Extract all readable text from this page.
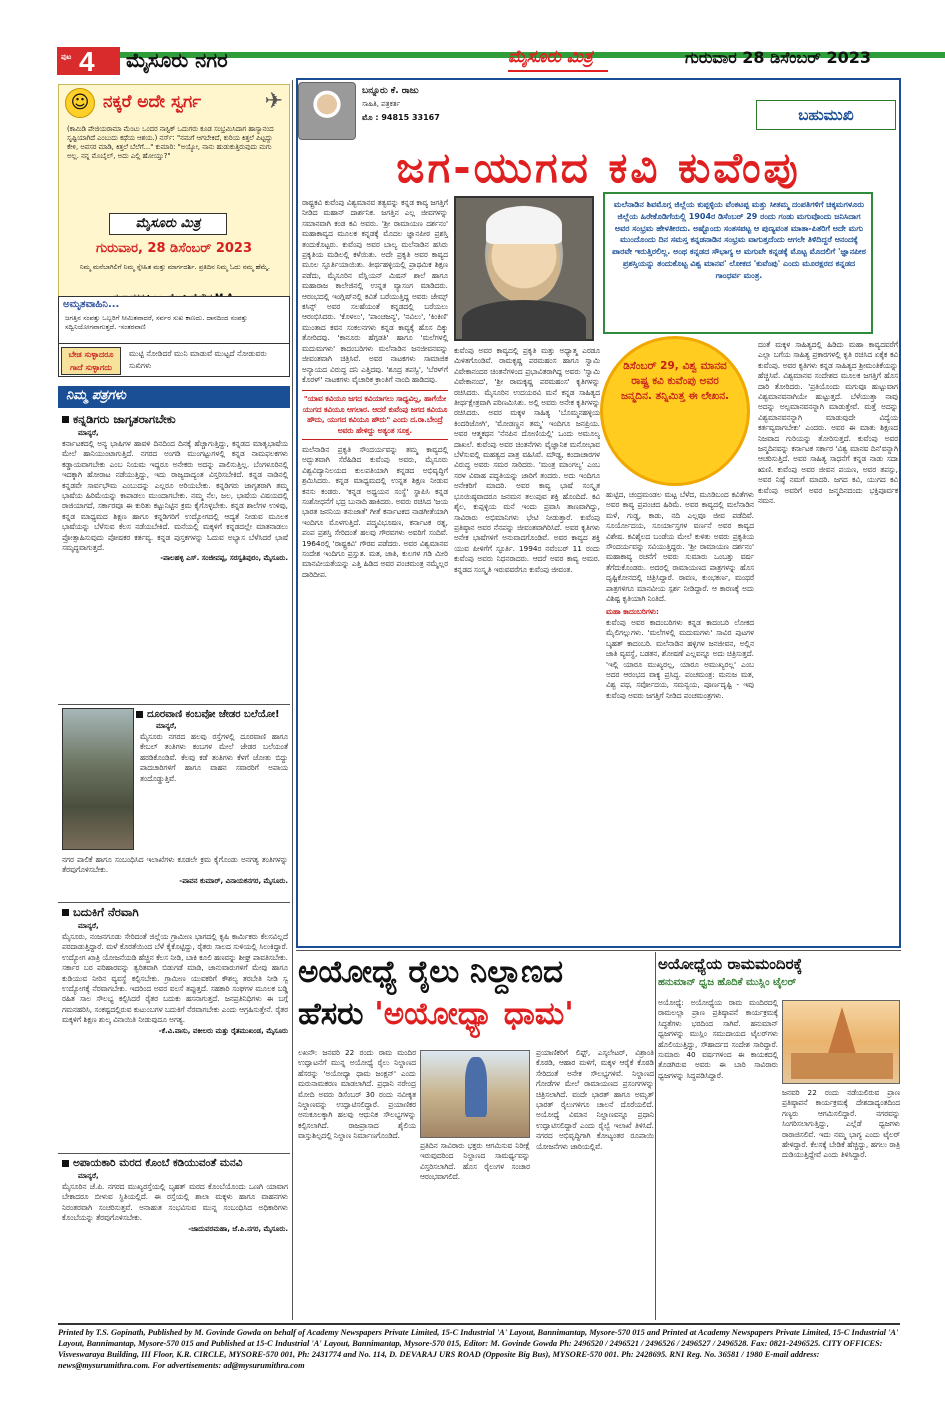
ಪುಟ 4 ಮೈಸೂರು ನಗರ	ಮೈಸೂರು ಮಿತ್ರ	ಗುರುವಾರ 28 ಡಿಸೆಂಬರ್ 2023
☺ ನಕ್ಕರೆ ಅದೇ ಸ್ವರ್ಗ	✈
(ಕಾಮಿಡಿ ಪೇಜಿಯರಾಮಾ ಮೆಂಟು ಒಂದರ ನಾಸ್ಟಿಕ್ ಒದುಗರು ಕೂಡ ಸಂಭ್ರಮಿಸಿದಾಗ ಹಾಸ್ಯಾನಂದ ಸೃಷ್ಟಿಯಾಗಿದೆ ಎಂಬುದು ಕಥೆಯ ಆಶಯ.) ನರ್ಸ್: "ನಮಗೆ ಆಗಬೇಕಿದೆ, ಕುರಿಯ ಕಿತ್ತಲೆ ಪಿಟ್ಟದ್ದು ಕೇಳಿ, ಅವಸರ ಮಾಡಿ, ಕಿತ್ತಲೆ ಬೆಲೆಗೆ..." ಕುಮಾರಿ: "ಅಯ್ಯೋ, ನಾನು ಹುಡುಕುತ್ತಿರುವುದು ಮಗು ಅಲ್ಲ. ನನ್ನ ಮೊಬೈಲ್, ಅದು ಎಲ್ಲಿ ಹೋಯ್ತು?"
ಮೈಸೂರು ಮಿತ್ರ
ಗುರುವಾರ, 28 ಡಿಸೆಂಬರ್ 2023
ನಿಮ್ಮ ಮನೆಬಾಗಿಲಿಗೆ ನಿಮ್ಮ ಸ್ನೇಹಿತ ಮತ್ತು ಮಾರ್ಗದರ್ಶಿ. ಪ್ರತಿದಿನ ನಿಮ್ಮ ಓದು ನಮ್ಮ ಹೆಮ್ಮೆ.
ಅಮೃತವಾಹಿನಿ...
ಜಗತ್ತಿನ ಸಂಪತ್ತು ಒಬ್ಬರಿಗೆ ಸೀಮಿತವಾದರೆ, ಸರ್ವರ ಸುಖ ಕಾಣದು. ದಾನದಿಂದ ಸಂಪತ್ತು ಸದ್ವಿನಿಯೋಗವಾಗುತ್ತದೆ. -ಸಂತರವಾಣಿ
ಬೇಡ ಸುಳ್ಳಾದರೂ ಗಾದೆ ಸುಳ್ಳಾಗದು
ಮುಟ್ಟಿ ನೋಡಿದರೆ ಮುನಿ ಮಾಡುವೆ ಮುಟ್ಟದೆ ನೋಡುವರು ಸುಖಿಗಳು
ನಿಮ್ಮ ಪತ್ರಗಳು
ಕನ್ನಡಿಗರು ಜಾಗೃತರಾಗಬೇಕು
ಮಾನ್ಯರೆ,
ಕರ್ನಾಟಕದಲ್ಲಿ ಅನ್ಯ ಭಾಷಿಗಳ ಹಾವಳಿ ದಿನದಿಂದ ದಿನಕ್ಕೆ ಹೆಚ್ಚಾಗುತ್ತಿದ್ದು, ಕನ್ನಡದ ಮಾತೃಭಾಷೆಯ ಮೇಲೆ ಹಾನಿಯುಂಟಾಗುತ್ತಿದೆ. ನಗರದ ಅಂಗಡಿ ಮುಂಗಟ್ಟುಗಳಲ್ಲಿ ಕನ್ನಡ ನಾಮಫಲಕಗಳು ಕಡ್ಡಾಯವಾಗಬೇಕು ಎಂಬ ನಿಯಮ ಇದ್ದರೂ ಅನೇಕರು ಅದನ್ನು ಪಾಲಿಸುತ್ತಿಲ್ಲ. ಬೆಂಗಳೂರಿನಲ್ಲಿ ಇದಕ್ಕಾಗಿ ಹೋರಾಟ ನಡೆಯುತ್ತಿದ್ದು, ಇದು ರಾಜ್ಯದಾದ್ಯಂತ ವಿಸ್ತರಿಸಬೇಕಿದೆ. ಕನ್ನಡ ನಾಡಿನಲ್ಲಿ ಕನ್ನಡವೇ ಸಾರ್ವಭೌಮ ಎಂಬುದನ್ನು ಎಲ್ಲರೂ ಅರಿಯಬೇಕು. ಕನ್ನಡಿಗರು ಜಾಗೃತರಾಗಿ ತಮ್ಮ ಭಾಷೆಯ ಹಿರಿಮೆಯನ್ನು ಕಾಪಾಡಲು ಮುಂದಾಗಬೇಕು. ನಮ್ಮ ನೆಲ, ಜಲ, ಭಾಷೆಯ ವಿಷಯದಲ್ಲಿ ರಾಜಿಯಾಗದೆ, ಸರ್ಕಾರವೂ ಈ ಕುರಿತು ಕಟ್ಟುನಿಟ್ಟಿನ ಕ್ರಮ ಕೈಗೊಳ್ಳಬೇಕು. ಕನ್ನಡ ಶಾಲೆಗಳ ಉಳಿವು, ಕನ್ನಡ ಮಾಧ್ಯಮದ ಶಿಕ್ಷಣ ಹಾಗೂ ಕನ್ನಡಿಗರಿಗೆ ಉದ್ಯೋಗದಲ್ಲಿ ಆದ್ಯತೆ ನೀಡುವ ಮೂಲಕ ಭಾಷೆಯನ್ನು ಬೆಳೆಸುವ ಕೆಲಸ ನಡೆಯಬೇಕಿದೆ. ಮನೆಯಲ್ಲಿ ಮಕ್ಕಳಿಗೆ ಕನ್ನಡದಲ್ಲೇ ಮಾತನಾಡಲು ಪ್ರೋತ್ಸಾಹಿಸುವುದು ಪೋಷಕರ ಕರ್ತವ್ಯ. ಕನ್ನಡ ಪುಸ್ತಕಗಳನ್ನು ಓದುವ ಅಭ್ಯಾಸ ಬೆಳೆಸಿದರೆ ಭಾಷೆ ಸಮೃದ್ಧವಾಗುತ್ತದೆ.
-ಪಾಲಹಳ್ಳಿ ಎಸ್. ಸಂಜೀವಪ್ಪ, ಸರಸ್ವತಿಪುರಂ, ಮೈಸೂರು.
ದೂರವಾಣಿ ಕಂಬವೋ ಜೇಡರ ಬಲೆಯೋ!
ಮಾನ್ಯರೆ,
ಮೈಸೂರು ನಗರದ ಹಲವು ರಸ್ತೆಗಳಲ್ಲಿ ದೂರವಾಣಿ ಹಾಗೂ ಕೇಬಲ್ ತಂತಿಗಳು ಕಂಬಗಳ ಮೇಲೆ ಜೇಡರ ಬಲೆಯಂತೆ ಹರಡಿಕೊಂಡಿವೆ. ಕೆಲವು ಕಡೆ ತಂತಿಗಳು ಕೆಳಗೆ ಜೋತು ಬಿದ್ದು ಪಾದಚಾರಿಗಳಿಗೆ ಹಾಗೂ ವಾಹನ ಸವಾರರಿಗೆ ಅಪಾಯ ತಂದೊಡ್ಡುತ್ತಿವೆ.
ನಗರ ಪಾಲಿಕೆ ಹಾಗೂ ಸಂಬಂಧಿಸಿದ ಇಲಾಖೆಗಳು ಕೂಡಲೇ ಕ್ರಮ ಕೈಗೊಂಡು ಅನಗತ್ಯ ತಂತಿಗಳನ್ನು ತೆರವುಗೊಳಿಸಬೇಕು.
-ಪಾವನ ಕುಮಾರ್, ವಿನಾಯಕನಗರ, ಮೈಸೂರು.
ಬದುಕಿಗೆ ನೆರವಾಗಿ
ಮಾನ್ಯರೆ,
ಮೈಸೂರು, ನಂಜನಗೂಡು ಸೇರಿದಂತೆ ಜಿಲ್ಲೆಯ ಗ್ರಾಮೀಣ ಭಾಗದಲ್ಲಿ ಕೃಷಿ ಕಾರ್ಮಿಕರು ಕೆಲಸವಿಲ್ಲದೆ ಪರದಾಡುತ್ತಿದ್ದಾರೆ. ಮಳೆ ಕೊರತೆಯಿಂದ ಬೆಳೆ ಕೈಕೊಟ್ಟಿದ್ದು, ರೈತರು ಸಾಲದ ಸುಳಿಯಲ್ಲಿ ಸಿಲುಕಿದ್ದಾರೆ. ಉದ್ಯೋಗ ಖಾತ್ರಿ ಯೋಜನೆಯಡಿ ಹೆಚ್ಚಿನ ಕೆಲಸ ನೀಡಿ, ಬಾಕಿ ಕೂಲಿ ಹಣವನ್ನು ಶೀಘ್ರ ಪಾವತಿಸಬೇಕು. ಸರ್ಕಾರ ಬರ ಪರಿಹಾರವನ್ನು ತ್ವರಿತವಾಗಿ ಬಿಡುಗಡೆ ಮಾಡಿ, ಜಾನುವಾರುಗಳಿಗೆ ಮೇವು ಹಾಗೂ ಕುಡಿಯುವ ನೀರಿನ ವ್ಯವಸ್ಥೆ ಕಲ್ಪಿಸಬೇಕು. ಗ್ರಾಮೀಣ ಯುವಕರಿಗೆ ಕೌಶಲ್ಯ ತರಬೇತಿ ನೀಡಿ ಸ್ವ ಉದ್ಯೋಗಕ್ಕೆ ನೆರವಾಗಬೇಕು. ಇದರಿಂದ ಅವರ ವಲಸೆ ತಪ್ಪುತ್ತದೆ. ಸಹಕಾರಿ ಸಂಘಗಳ ಮೂಲಕ ಬಡ್ಡಿ ರಹಿತ ಸಾಲ ಸೌಲಭ್ಯ ಕಲ್ಪಿಸಿದರೆ ರೈತರ ಬದುಕು ಹಸನಾಗುತ್ತದೆ. ಜನಪ್ರತಿನಿಧಿಗಳು ಈ ಬಗ್ಗೆ ಗಮನಹರಿಸಿ, ಸಂಕಷ್ಟದಲ್ಲಿರುವ ಕುಟುಂಬಗಳ ಬದುಕಿಗೆ ನೆರವಾಗಬೇಕು ಎಂದು ಆಗ್ರಹಿಸುತ್ತೇನೆ. ರೈತರ ಮಕ್ಕಳಿಗೆ ಶಿಕ್ಷಣ ಶುಲ್ಕ ವಿನಾಯಿತಿ ನೀಡುವುದೂ ಅಗತ್ಯ.
-ಕೆ.ವಿ.ವಾಸು, ವಕೀಲರು ಮತ್ತು ರೈತಮುಖಂಡ, ಮೈಸೂರು
ಅಪಾಯಕಾರಿ ಮರದ ಕೊಂಬೆ ಕಡಿಯುವಂತೆ ಮನವಿ
ಮಾನ್ಯರೆ,
ಮೈಸೂರಿನ ಜೆ.ಪಿ. ನಗರದ ಮುಖ್ಯರಸ್ತೆಯಲ್ಲಿ ಬೃಹತ್ ಮರದ ಕೊಂಬೆಯೊಂದು ಒಣಗಿ ಯಾವಾಗ ಬೇಕಾದರೂ ಬೀಳುವ ಸ್ಥಿತಿಯಲ್ಲಿದೆ. ಈ ರಸ್ತೆಯಲ್ಲಿ ಶಾಲಾ ಮಕ್ಕಳು ಹಾಗೂ ವಾಹನಗಳು ನಿರಂತರವಾಗಿ ಸಂಚರಿಸುತ್ತವೆ. ಅನಾಹುತ ಸಂಭವಿಸುವ ಮುನ್ನ ಸಂಬಂಧಿಸಿದ ಅಧಿಕಾರಿಗಳು ಕೊಂಬೆಯನ್ನು ತೆರವುಗೊಳಿಸಬೇಕು.
-ಜಾದುವರಮಹಾ, ಜೆ.ಪಿ.ನಗರ, ಮೈಸೂರು.
ಬನ್ನೂರು ಕೆ. ರಾಜು
ಸಾಹಿತಿ, ಪತ್ರಕರ್ತ
ಮೊ : 94815 33167	ಬಹುಮುಖಿ
ಜಗ-ಯುಗದ ಕವಿ ಕುವೆಂಪು
ರಾಷ್ಟ್ರಕವಿ ಕುವೆಂಪು ವಿಶ್ವಮಾನವ ತತ್ವವನ್ನು ಕನ್ನಡ ಕಾವ್ಯ ಜಗತ್ತಿಗೆ ನೀಡಿದ ಮಹಾನ್ ದಾರ್ಶನಿಕ. ಜಗತ್ತಿನ ಎಲ್ಲ ಜೀವಗಳನ್ನು ಸಮಾನವಾಗಿ ಕಂಡ ಕವಿ ಅವರು. 'ಶ್ರೀ ರಾಮಾಯಣ ದರ್ಶನಂ' ಮಹಾಕಾವ್ಯದ ಮೂಲಕ ಕನ್ನಡಕ್ಕೆ ಮೊದಲ ಜ್ಞಾನಪೀಠ ಪ್ರಶಸ್ತಿ ತಂದುಕೊಟ್ಟರು. ಕುವೆಂಪು ಅವರ ಬಾಲ್ಯ ಮಲೆನಾಡಿನ ಹಸಿರು ಪ್ರಕೃತಿಯ ಮಡಿಲಲ್ಲಿ ಕಳೆಯಿತು. ಅದೇ ಪ್ರಕೃತಿ ಅವರ ಕಾವ್ಯದ ಮೂಲ ಸ್ಫೂರ್ತಿಯಾಯಿತು. ತೀರ್ಥಹಳ್ಳಿಯಲ್ಲಿ ಪ್ರಾಥಮಿಕ ಶಿಕ್ಷಣ ಪಡೆದು, ಮೈಸೂರಿನ ವೆಸ್ಲಿಯನ್ ಮಿಷನ್ ಶಾಲೆ ಹಾಗೂ ಮಹಾರಾಜ ಕಾಲೇಜಿನಲ್ಲಿ ಉನ್ನತ ವ್ಯಾಸಂಗ ಮಾಡಿದರು. ಆರಂಭದಲ್ಲಿ ಇಂಗ್ಲಿಷ್‌ನಲ್ಲಿ ಕವಿತೆ ಬರೆಯುತ್ತಿದ್ದ ಅವರು ಜೇಮ್ಸ್ ಕಸಿನ್ಸ್ ಅವರ ಸಲಹೆಯಂತೆ ಕನ್ನಡದಲ್ಲಿ ಬರೆಯಲು ಆರಂಭಿಸಿದರು. 'ಕೊಳಲು', 'ಪಾಂಚಜನ್ಯ', 'ನವಿಲು', 'ಕಿಂಕಿಣಿ' ಮುಂತಾದ ಕವನ ಸಂಕಲನಗಳು ಕನ್ನಡ ಕಾವ್ಯಕ್ಕೆ ಹೊಸ ದಿಕ್ಕು ತೋರಿದವು. 'ಕಾನೂರು ಹೆಗ್ಗಡತಿ' ಹಾಗೂ 'ಮಲೆಗಳಲ್ಲಿ ಮದುಮಗಳು' ಕಾದಂಬರಿಗಳು ಮಲೆನಾಡಿನ ಜನಜೀವನವನ್ನು ಜೀವಂತವಾಗಿ ಚಿತ್ರಿಸಿವೆ. ಅವರ ನಾಟಕಗಳು ಸಾಮಾಜಿಕ ಅನ್ಯಾಯದ ವಿರುದ್ಧ ದನಿ ಎತ್ತಿದವು. 'ಶೂದ್ರ ತಪಸ್ವಿ', 'ಬೆರಳ್‌ಗೆ ಕೊರಳ್' ನಾಟಕಗಳು ವೈಚಾರಿಕ ಕ್ರಾಂತಿಗೆ ನಾಂದಿ ಹಾಡಿದವು.
"ಯಾವ ಕವಿಯೂ ಜಗದ ಕವಿಯಾಗಲು ಸಾಧ್ಯವಿಲ್ಲ, ಹಾಗೆಯೇ ಯುಗದ ಕವಿಯೂ ಆಗಲಾರ. ಆದರೆ ಕುವೆಂಪು ಜಗದ ಕವಿಯೂ ಹೌದು, ಯುಗದ ಕವಿಯೂ ಹೌದು" ಎಂದು ದ.ರಾ.ಬೇಂದ್ರೆ ಅವರು ಹೇಳಿದ್ದು ಅತ್ಯಂತ ಸೂಕ್ತ.
ಮಲೆನಾಡಿನ ಪ್ರಕೃತಿ ಸೌಂದರ್ಯವನ್ನು ತಮ್ಮ ಕಾವ್ಯದಲ್ಲಿ ಅದ್ಭುತವಾಗಿ ಸೆರೆಹಿಡಿದ ಕುವೆಂಪು ಅವರು, ಮೈಸೂರು ವಿಶ್ವವಿದ್ಯಾನಿಲಯದ ಕುಲಪತಿಯಾಗಿ ಕನ್ನಡದ ಅಭಿವೃದ್ಧಿಗೆ ಶ್ರಮಿಸಿದರು. ಕನ್ನಡ ಮಾಧ್ಯಮದಲ್ಲಿ ಉನ್ನತ ಶಿಕ್ಷಣ ನೀಡುವ ಕನಸು ಕಂಡರು. 'ಕನ್ನಡ ಅಧ್ಯಯನ ಸಂಸ್ಥೆ' ಸ್ಥಾಪಿಸಿ ಕನ್ನಡ ಸಂಶೋಧನೆಗೆ ಭದ್ರ ಬುನಾದಿ ಹಾಕಿದರು. ಅವರು ರಚಿಸಿದ 'ಜಯ ಭಾರತ ಜನನಿಯ ತನುಜಾತೆ' ಗೀತೆ ಕರ್ನಾಟಕದ ನಾಡಗೀತೆಯಾಗಿ ಇಂದಿಗೂ ಮೊಳಗುತ್ತಿದೆ. ಪದ್ಮವಿಭೂಷಣ, ಕರ್ನಾಟಕ ರತ್ನ, ಪಂಪ ಪ್ರಶಸ್ತಿ ಸೇರಿದಂತೆ ಹಲವು ಗೌರವಗಳು ಅವರಿಗೆ ಸಂದಿವೆ. 1964ರಲ್ಲಿ 'ರಾಷ್ಟ್ರಕವಿ' ಗೌರವ ಪಡೆದರು. ಅವರ ವಿಶ್ವಮಾನವ ಸಂದೇಶ ಇಂದಿಗೂ ಪ್ರಸ್ತುತ. ಮತ, ಜಾತಿ, ಕುಲಗಳ ಗಡಿ ಮೀರಿ ಮಾನವೀಯತೆಯನ್ನು ಎತ್ತಿ ಹಿಡಿದ ಅವರ ಪಂಚಮಂತ್ರ ನಮ್ಮೆಲ್ಲರ ದಾರಿದೀಪ.
ಕುವೆಂಪು ಅವರ ಕಾವ್ಯದಲ್ಲಿ ಪ್ರಕೃತಿ ಮತ್ತು ಅಧ್ಯಾತ್ಮ ಎರಡೂ ಮಿಳಿತಗೊಂಡಿವೆ. ರಾಮಕೃಷ್ಣ ಪರಮಹಂಸ ಹಾಗೂ ಸ್ವಾಮಿ ವಿವೇಕಾನಂದರ ಚಿಂತನೆಗಳಿಂದ ಪ್ರಭಾವಿತರಾಗಿದ್ದ ಅವರು 'ಸ್ವಾಮಿ ವಿವೇಕಾನಂದ', 'ಶ್ರೀ ರಾಮಕೃಷ್ಣ ಪರಮಹಂಸ' ಕೃತಿಗಳನ್ನು ರಚಿಸಿದರು. ಮೈಸೂರಿನ ಉದಯರವಿ ಮನೆ ಕನ್ನಡ ಸಾಹಿತ್ಯದ ತೀರ್ಥಕ್ಷೇತ್ರವಾಗಿ ಪರಿಣಮಿಸಿತು. ಅಲ್ಲಿ ಅವರು ಅನೇಕ ಕೃತಿಗಳನ್ನು ರಚಿಸಿದರು. ಅವರ ಮಕ್ಕಳ ಸಾಹಿತ್ಯ 'ಬೊಮ್ಮನಹಳ್ಳಿಯ ಕಿಂದರಿಜೋಗಿ', 'ಮೋಡಣ್ಣನ ತಮ್ಮ' ಇಂದಿಗೂ ಜನಪ್ರಿಯ. ಅವರ ಆತ್ಮಕಥನ 'ನೆನಪಿನ ದೋಣಿಯಲ್ಲಿ' ಒಂದು ಅಮೂಲ್ಯ ದಾಖಲೆ. ಕುವೆಂಪು ಅವರ ಚಿಂತನೆಗಳು ವೈಜ್ಞಾನಿಕ ಮನೋಭಾವ ಬೆಳೆಸುವಲ್ಲಿ ಮಹತ್ವದ ಪಾತ್ರ ವಹಿಸಿವೆ. ಮೌಢ್ಯ, ಕಂದಾಚಾರಗಳ ವಿರುದ್ಧ ಅವರು ಸಮರ ಸಾರಿದರು. 'ಮಂತ್ರ ಮಾಂಗಲ್ಯ' ಎಂಬ ಸರಳ ವಿವಾಹ ಪದ್ಧತಿಯನ್ನು ಜಾರಿಗೆ ತಂದರು. ಅದು ಇಂದಿಗೂ ಅನೇಕರಿಗೆ ಮಾದರಿ. ಅವರ ಕಾವ್ಯ ಭಾಷೆ ಸಂಸ್ಕೃತ ಭೂಯಿಷ್ಠವಾದರೂ ಜನಮನ ತಲುಪುವ ಶಕ್ತಿ ಹೊಂದಿದೆ. ಕವಿ ಶೈಲ, ಕುಪ್ಪಳ್ಳಿಯ ಮನೆ ಇಂದು ಪ್ರವಾಸಿ ತಾಣವಾಗಿದ್ದು, ಸಾವಿರಾರು ಅಭಿಮಾನಿಗಳು ಭೇಟಿ ನೀಡುತ್ತಾರೆ. ಕುವೆಂಪು ಪ್ರತಿಷ್ಠಾನ ಅವರ ನೆನಪನ್ನು ಜೀವಂತವಾಗಿರಿಸಿದೆ. ಅವರ ಕೃತಿಗಳು ಅನೇಕ ಭಾಷೆಗಳಿಗೆ ಅನುವಾದಗೊಂಡಿವೆ. ಅವರ ಕಾವ್ಯದ ಶಕ್ತಿ ಯುವ ಪೀಳಿಗೆಗೆ ಸ್ಫೂರ್ತಿ. 1994ರ ನವೆಂಬರ್ 11 ರಂದು ಕುವೆಂಪು ಅವರು ನಿಧನರಾದರು. ಆದರೆ ಅವರ ಕಾವ್ಯ ಅಮರ. ಕನ್ನಡದ ಸಂಸ್ಕೃತಿ ಇರುವವರೆಗೂ ಕುವೆಂಪು ಜೀವಂತ.
ಮಲೆನಾಡಿನ ಶಿವಮೊಗ್ಗ ಜಿಲ್ಲೆಯ ಕುಪ್ಪಳ್ಳಿಯ ವೆಂಕಟಪ್ಪ ಮತ್ತು ಸೀತಮ್ಮ ದಂಪತಿಗಳಿಗೆ ಚಿಕ್ಕಮಗಳೂರು ಜಿಲ್ಲೆಯ ಹಿರೇಕೊಡಿಗೆಯಲ್ಲಿ 1904ರ ಡಿಸೆಂಬರ್ 29 ರಂದು ಗಂಡು ಮಗುವೊಂದು ಜನಿಸಿದಾಗ ಅವರ ಸಂಭ್ರಮ ಹೇಳತೀರದು. ಅಷ್ಟೊಂದು ಸಂತಸಪಟ್ಟ ಆ ಪುಣ್ಯವಂತ ಮಾತಾ-ಪಿತರಿಗೆ ಅದೇ ಮಗು ಮುಂದೊಂದು ದಿನ ಸಮಸ್ತ ಕನ್ನಡನಾಡಿನ ಸಂಭ್ರಮ ವಾಗುತ್ತದೆಂದು ಆಗಲೇ ತಿಳಿದಿದ್ದರೆ ಆನಂದಕ್ಕೆ ಪಾರವೇ ಇರುತ್ತಿರಲಿಲ್ಲ. ಅಂಥ ಕನ್ನಡದ ಸೌಭಾಗ್ಯ ಆ ಮಗುವೇ ಕನ್ನಡಕ್ಕೆ ಮೊಟ್ಟ ಮೊದಲಿಗೆ 'ಜ್ಞಾನಪೀಠ ಪ್ರಶಸ್ತಿಯನ್ನು ತಂದುಕೊಟ್ಟ ವಿಶ್ವ ಮಾನವ' ಲೋಕದ 'ಕುವೆಂಪು' ಎಂದು ಮೂರಕ್ಷರದ ಕನ್ನಡದ ಗಾಂಧರ್ವ ಮಂತ್ರ.
ಡಿಸೆಂಬರ್ 29, ವಿಶ್ವ ಮಾನವ ರಾಷ್ಟ್ರ ಕವಿ ಕುವೆಂಪು ಅವರ ಜನ್ಮದಿನ. ತನ್ನಿಮಿತ್ತ ಈ ಲೇಖನ.
ಹುಟ್ಟಿದ, ಚಂದ್ರಮಂಡಲ ಮಟ್ಟ ಬೆಳೆದ, ಮೂಡಿಬಂದ ಕವಿತೆಗಳು ಅವರ ಕಾವ್ಯ ಪ್ರಪಂಚದ ಹಿರಿಮೆ. ಅವರ ಕಾವ್ಯದಲ್ಲಿ ಮಲೆನಾಡಿನ ಮಳೆ, ಗುಡ್ಡ, ಕಾಡು, ನದಿ ಎಲ್ಲವೂ ಜೀವ ಪಡೆದಿವೆ. ಸೂರ್ಯೋದಯ, ಸೂರ್ಯಾಸ್ತಗಳ ವರ್ಣನೆ ಅವರ ಕಾವ್ಯದ ವಿಶೇಷ. ಕವಿಶೈಲದ ಬಂಡೆಯ ಮೇಲೆ ಕುಳಿತು ಅವರು ಪ್ರಕೃತಿಯ ಸೌಂದರ್ಯವನ್ನು ಸವಿಯುತ್ತಿದ್ದರು. 'ಶ್ರೀ ರಾಮಾಯಣ ದರ್ಶನಂ' ಮಹಾಕಾವ್ಯ ರಚನೆಗೆ ಅವರು ಸುಮಾರು ಒಂಬತ್ತು ವರ್ಷ ತೆಗೆದುಕೊಂಡರು. ಅದರಲ್ಲಿ ರಾಮಾಯಣದ ಪಾತ್ರಗಳನ್ನು ಹೊಸ ದೃಷ್ಟಿಕೋನದಲ್ಲಿ ಚಿತ್ರಿಸಿದ್ದಾರೆ. ರಾವಣ, ಕುಂಭಕರ್ಣ, ಮಂಥರೆ ಪಾತ್ರಗಳಿಗೂ ಮಾನವೀಯ ಸ್ಪರ್ಶ ನೀಡಿದ್ದಾರೆ. ಆ ಕಾರಣಕ್ಕೆ ಅದು ವಿಶಿಷ್ಟ ಕೃತಿಯಾಗಿ ನಿಂತಿದೆ.
ಮಹಾ ಕಾದಂಬರಿಗಳು:
ಕುವೆಂಪು ಅವರ ಕಾದಂಬರಿಗಳು ಕನ್ನಡ ಕಾದಂಬರಿ ಲೋಕದ ಮೈಲಿಗಲ್ಲುಗಳು. 'ಮಲೆಗಳಲ್ಲಿ ಮದುಮಗಳು' ಸಾವಿರ ಪುಟಗಳ ಬೃಹತ್ ಕಾದಂಬರಿ. ಮಲೆನಾಡಿನ ಹಳ್ಳಿಗಳ ಜನಜೀವನ, ಅಲ್ಲಿನ ಜಾತಿ ವ್ಯವಸ್ಥೆ, ಬಡತನ, ಶೋಷಣೆ ಎಲ್ಲವನ್ನೂ ಅದು ಚಿತ್ರಿಸುತ್ತದೆ. 'ಇಲ್ಲಿ ಯಾರೂ ಮುಖ್ಯರಲ್ಲ, ಯಾರೂ ಅಮುಖ್ಯರಲ್ಲ' ಎಂಬ ಅದರ ಆರಂಭದ ವಾಕ್ಯ ಪ್ರಸಿದ್ಧ. ಪಂಚಮಂತ್ರ: ಮನುಜ ಮತ, ವಿಶ್ವ ಪಥ, ಸರ್ವೋದಯ, ಸಮನ್ವಯ, ಪೂರ್ಣದೃಷ್ಟಿ - ಇವು ಕುವೆಂಪು ಅವರು ಜಗತ್ತಿಗೆ ನೀಡಿದ ಪಂಚಮಂತ್ರಗಳು.
ದಂತೆ ಮಕ್ಕಳ ಸಾಹಿತ್ಯದಲ್ಲಿ ಹಿಡಿದು ಮಹಾ ಕಾವ್ಯದವರೆಗೆ ಎಲ್ಲಾ ಬಗೆಯ ಸಾಹಿತ್ಯ ಪ್ರಕಾರಗಳಲ್ಲಿ ಕೃತಿ ರಚಿಸಿದ ಏಕೈಕ ಕವಿ ಕುವೆಂಪು. ಅವರ ಕೃತಿಗಳು ಕನ್ನಡ ಸಾಹಿತ್ಯದ ಶ್ರೀಮಂತಿಕೆಯನ್ನು ಹೆಚ್ಚಿಸಿವೆ. ವಿಶ್ವಮಾನವ ಸಂದೇಶದ ಮೂಲಕ ಜಗತ್ತಿಗೆ ಹೊಸ ದಾರಿ ತೋರಿದರು. 'ಪ್ರತಿಯೊಂದು ಮಗುವೂ ಹುಟ್ಟುವಾಗ ವಿಶ್ವಮಾನವನಾಗಿಯೇ ಹುಟ್ಟುತ್ತದೆ. ಬೆಳೆಯುತ್ತಾ ನಾವು ಅದನ್ನು ಅಲ್ಪಮಾನವನನ್ನಾಗಿ ಮಾಡುತ್ತೇವೆ. ಮತ್ತೆ ಅದನ್ನು ವಿಶ್ವಮಾನವನನ್ನಾಗಿ ಮಾಡುವುದೇ ವಿದ್ಯೆಯ ಕರ್ತವ್ಯವಾಗಬೇಕು' ಎಂದರು. ಅವರ ಈ ಮಾತು ಶಿಕ್ಷಣದ ನಿಜವಾದ ಗುರಿಯನ್ನು ತೋರಿಸುತ್ತದೆ. ಕುವೆಂಪು ಅವರ ಜನ್ಮದಿನವನ್ನು ಕರ್ನಾಟಕ ಸರ್ಕಾರ 'ವಿಶ್ವ ಮಾನವ ದಿನ'ವನ್ನಾಗಿ ಆಚರಿಸುತ್ತಿದೆ. ಅವರ ಸಾಹಿತ್ಯ ಸಾಧನೆಗೆ ಕನ್ನಡ ನಾಡು ಸದಾ ಋಣಿ. ಕುವೆಂಪು ಅವರ ಜೀವನ ಪಯಣ, ಅವರ ತಪಸ್ಸು, ಅವರ ನಿಷ್ಠೆ ನಮಗೆ ಮಾದರಿ. ಜಗದ ಕವಿ, ಯುಗದ ಕವಿ ಕುವೆಂಪು ಅವರಿಗೆ ಅವರ ಜನ್ಮದಿನದಂದು ಭಕ್ತಿಪೂರ್ವಕ ನಮನ.
ಅಯೋಧ್ಯೆ ರೈಲು ನಿಲ್ದಾಣದ
ಹೆಸರು 'ಅಯೋಧ್ಯಾ ಧಾಮ'
ಲಖನೌ: ಜನವರಿ 22 ರಂದು ರಾಮ ಮಂದಿರ ಉದ್ಘಾಟನೆಗೆ ಮುನ್ನ ಅಯೋಧ್ಯೆ ರೈಲು ನಿಲ್ದಾಣದ ಹೆಸರನ್ನು 'ಅಯೋಧ್ಯಾ ಧಾಮ ಜಂಕ್ಷನ್' ಎಂದು ಮರುನಾಮಕರಣ ಮಾಡಲಾಗಿದೆ. ಪ್ರಧಾನಿ ನರೇಂದ್ರ ಮೋದಿ ಅವರು ಡಿಸೆಂಬರ್ 30 ರಂದು ನವೀಕೃತ ನಿಲ್ದಾಣವನ್ನು ಉದ್ಘಾಟಿಸಲಿದ್ದಾರೆ. ಪ್ರಯಾಣಿಕರ ಅನುಕೂಲಕ್ಕಾಗಿ ಹಲವು ಆಧುನಿಕ ಸೌಲಭ್ಯಗಳನ್ನು ಕಲ್ಪಿಸಲಾಗಿದೆ. ರಾಜಪ್ರಾಸಾದ ಶೈಲಿಯ ವಾಸ್ತುಶಿಲ್ಪದಲ್ಲಿ ನಿಲ್ದಾಣ ನಿರ್ಮಾಣಗೊಂಡಿದೆ.
ಪ್ರತಿದಿನ ಸಾವಿರಾರು ಭಕ್ತರು ಆಗಮಿಸುವ ನಿರೀಕ್ಷೆ ಇರುವುದರಿಂದ ನಿಲ್ದಾಣದ ಸಾಮರ್ಥ್ಯವನ್ನು ವಿಸ್ತರಿಸಲಾಗಿದೆ. ಹೊಸ ರೈಲುಗಳ ಸಂಚಾರ ಆರಂಭವಾಗಲಿದೆ.
ಪ್ರಯಾಣಿಕರಿಗೆ ಲಿಫ್ಟ್, ಎಸ್ಕಲೇಟರ್, ವಿಶ್ರಾಂತಿ ಕೊಠಡಿ, ಆಹಾರ ಮಳಿಗೆ, ಮಕ್ಕಳ ಆರೈಕೆ ಕೊಠಡಿ ಸೇರಿದಂತೆ ಅನೇಕ ಸೌಲಭ್ಯಗಳಿವೆ. ನಿಲ್ದಾಣದ ಗೋಡೆಗಳ ಮೇಲೆ ರಾಮಾಯಣದ ಪ್ರಸಂಗಗಳನ್ನು ಚಿತ್ರಿಸಲಾಗಿದೆ. ವಂದೇ ಭಾರತ್ ಹಾಗೂ ಅಮೃತ್ ಭಾರತ್ ರೈಲುಗಳಿಗೂ ಚಾಲನೆ ದೊರೆಯಲಿದೆ. ಅಯೋಧ್ಯೆ ವಿಮಾನ ನಿಲ್ದಾಣವನ್ನೂ ಪ್ರಧಾನಿ ಉದ್ಘಾಟಿಸಲಿದ್ದಾರೆ ಎಂದು ರೈಲ್ವೆ ಇಲಾಖೆ ತಿಳಿಸಿದೆ. ನಗರದ ಅಭಿವೃದ್ಧಿಗಾಗಿ ಕೋಟ್ಯಂತರ ರೂಪಾಯಿ ಯೋಜನೆಗಳು ಜಾರಿಯಲ್ಲಿವೆ.
ಅಯೋಧ್ಯೆಯ ರಾಮಮಂದಿರಕ್ಕೆ
ಹನುಮಾನ್ ಧ್ವಜ ಹೊದಿಕೆ ಮುಸ್ಲಿಂ ಟೈಲರ್
ಅಯೋಧ್ಯೆ: ಅಯೋಧ್ಯೆಯ ರಾಮ ಮಂದಿರದಲ್ಲಿ ರಾಮಲಲ್ಲಾ ಪ್ರಾಣ ಪ್ರತಿಷ್ಠಾಪನೆ ಕಾರ್ಯಕ್ರಮಕ್ಕೆ ಸಿದ್ಧತೆಗಳು ಭರದಿಂದ ಸಾಗಿವೆ. ಹನುಮಾನ್ ಧ್ವಜಗಳನ್ನು ಮುಸ್ಲಿಂ ಸಮುದಾಯದ ಟೈಲರ್‌ಗಳು ಹೊಲಿಯುತ್ತಿದ್ದು, ಸೌಹಾರ್ದದ ಸಂದೇಶ ಸಾರಿದ್ದಾರೆ. ಸುಮಾರು 40 ವರ್ಷಗಳಿಂದ ಈ ಕಾಯಕದಲ್ಲಿ ತೊಡಗಿರುವ ಅವರು ಈ ಬಾರಿ ಸಾವಿರಾರು ಧ್ವಜಗಳನ್ನು ಸಿದ್ಧಪಡಿಸಿದ್ದಾರೆ.
ಜನವರಿ 22 ರಂದು ನಡೆಯಲಿರುವ ಪ್ರಾಣ ಪ್ರತಿಷ್ಠಾಪನೆ ಕಾರ್ಯಕ್ರಮಕ್ಕೆ ದೇಶದಾದ್ಯಂತದಿಂದ ಗಣ್ಯರು ಆಗಮಿಸಲಿದ್ದಾರೆ. ನಗರವನ್ನು ಸಿಂಗರಿಸಲಾಗುತ್ತಿದ್ದು, ಎಲ್ಲೆಡೆ ಧ್ವಜಗಳು ರಾರಾಜಿಸಲಿವೆ. ಇದು ನಮ್ಮ ಭಾಗ್ಯ ಎಂದು ಟೈಲರ್ ಹೇಳಿದ್ದಾರೆ. ಕೆಲಸಕ್ಕೆ ಬೇಡಿಕೆ ಹೆಚ್ಚಿದ್ದು, ಹಗಲು ರಾತ್ರಿ ದುಡಿಯುತ್ತಿದ್ದೇವೆ ಎಂದು ತಿಳಿಸಿದ್ದಾರೆ.
Printed by T.S. Gopinath, Published by M. Govinde Gowda on behalf of Academy Newspapers Private Limited, 15-C Industrial 'A' Layout, Bannimantap, Mysore-570 015 and Printed at Academy Newspapers Private Limited, 15-C Industrial 'A' Layout, Bannimantap, Mysore-570 015 and Published at 15-C Industrial 'A' Layout, Bannimantap, Mysore-570 015, Editor: M. Govinde Gowda Ph: 2496520 / 2496521 / 2496526 / 2496527 / 2496528. Fax: 0821-2496525. CITY OFFICES: Visveswaraya Building, III Floor, K.R. CIRCLE, MYSORE-570 001, Ph: 2431774 and No. 114, D. DEVARAJ URS ROAD (Opposite Big Bus), MYSORE-570 001. Ph: 2428695. RNI Reg. No. 36581 / 1980 E-mail address: news@mysurumithra.com. For advertisements: ad@mysurumithra.com
